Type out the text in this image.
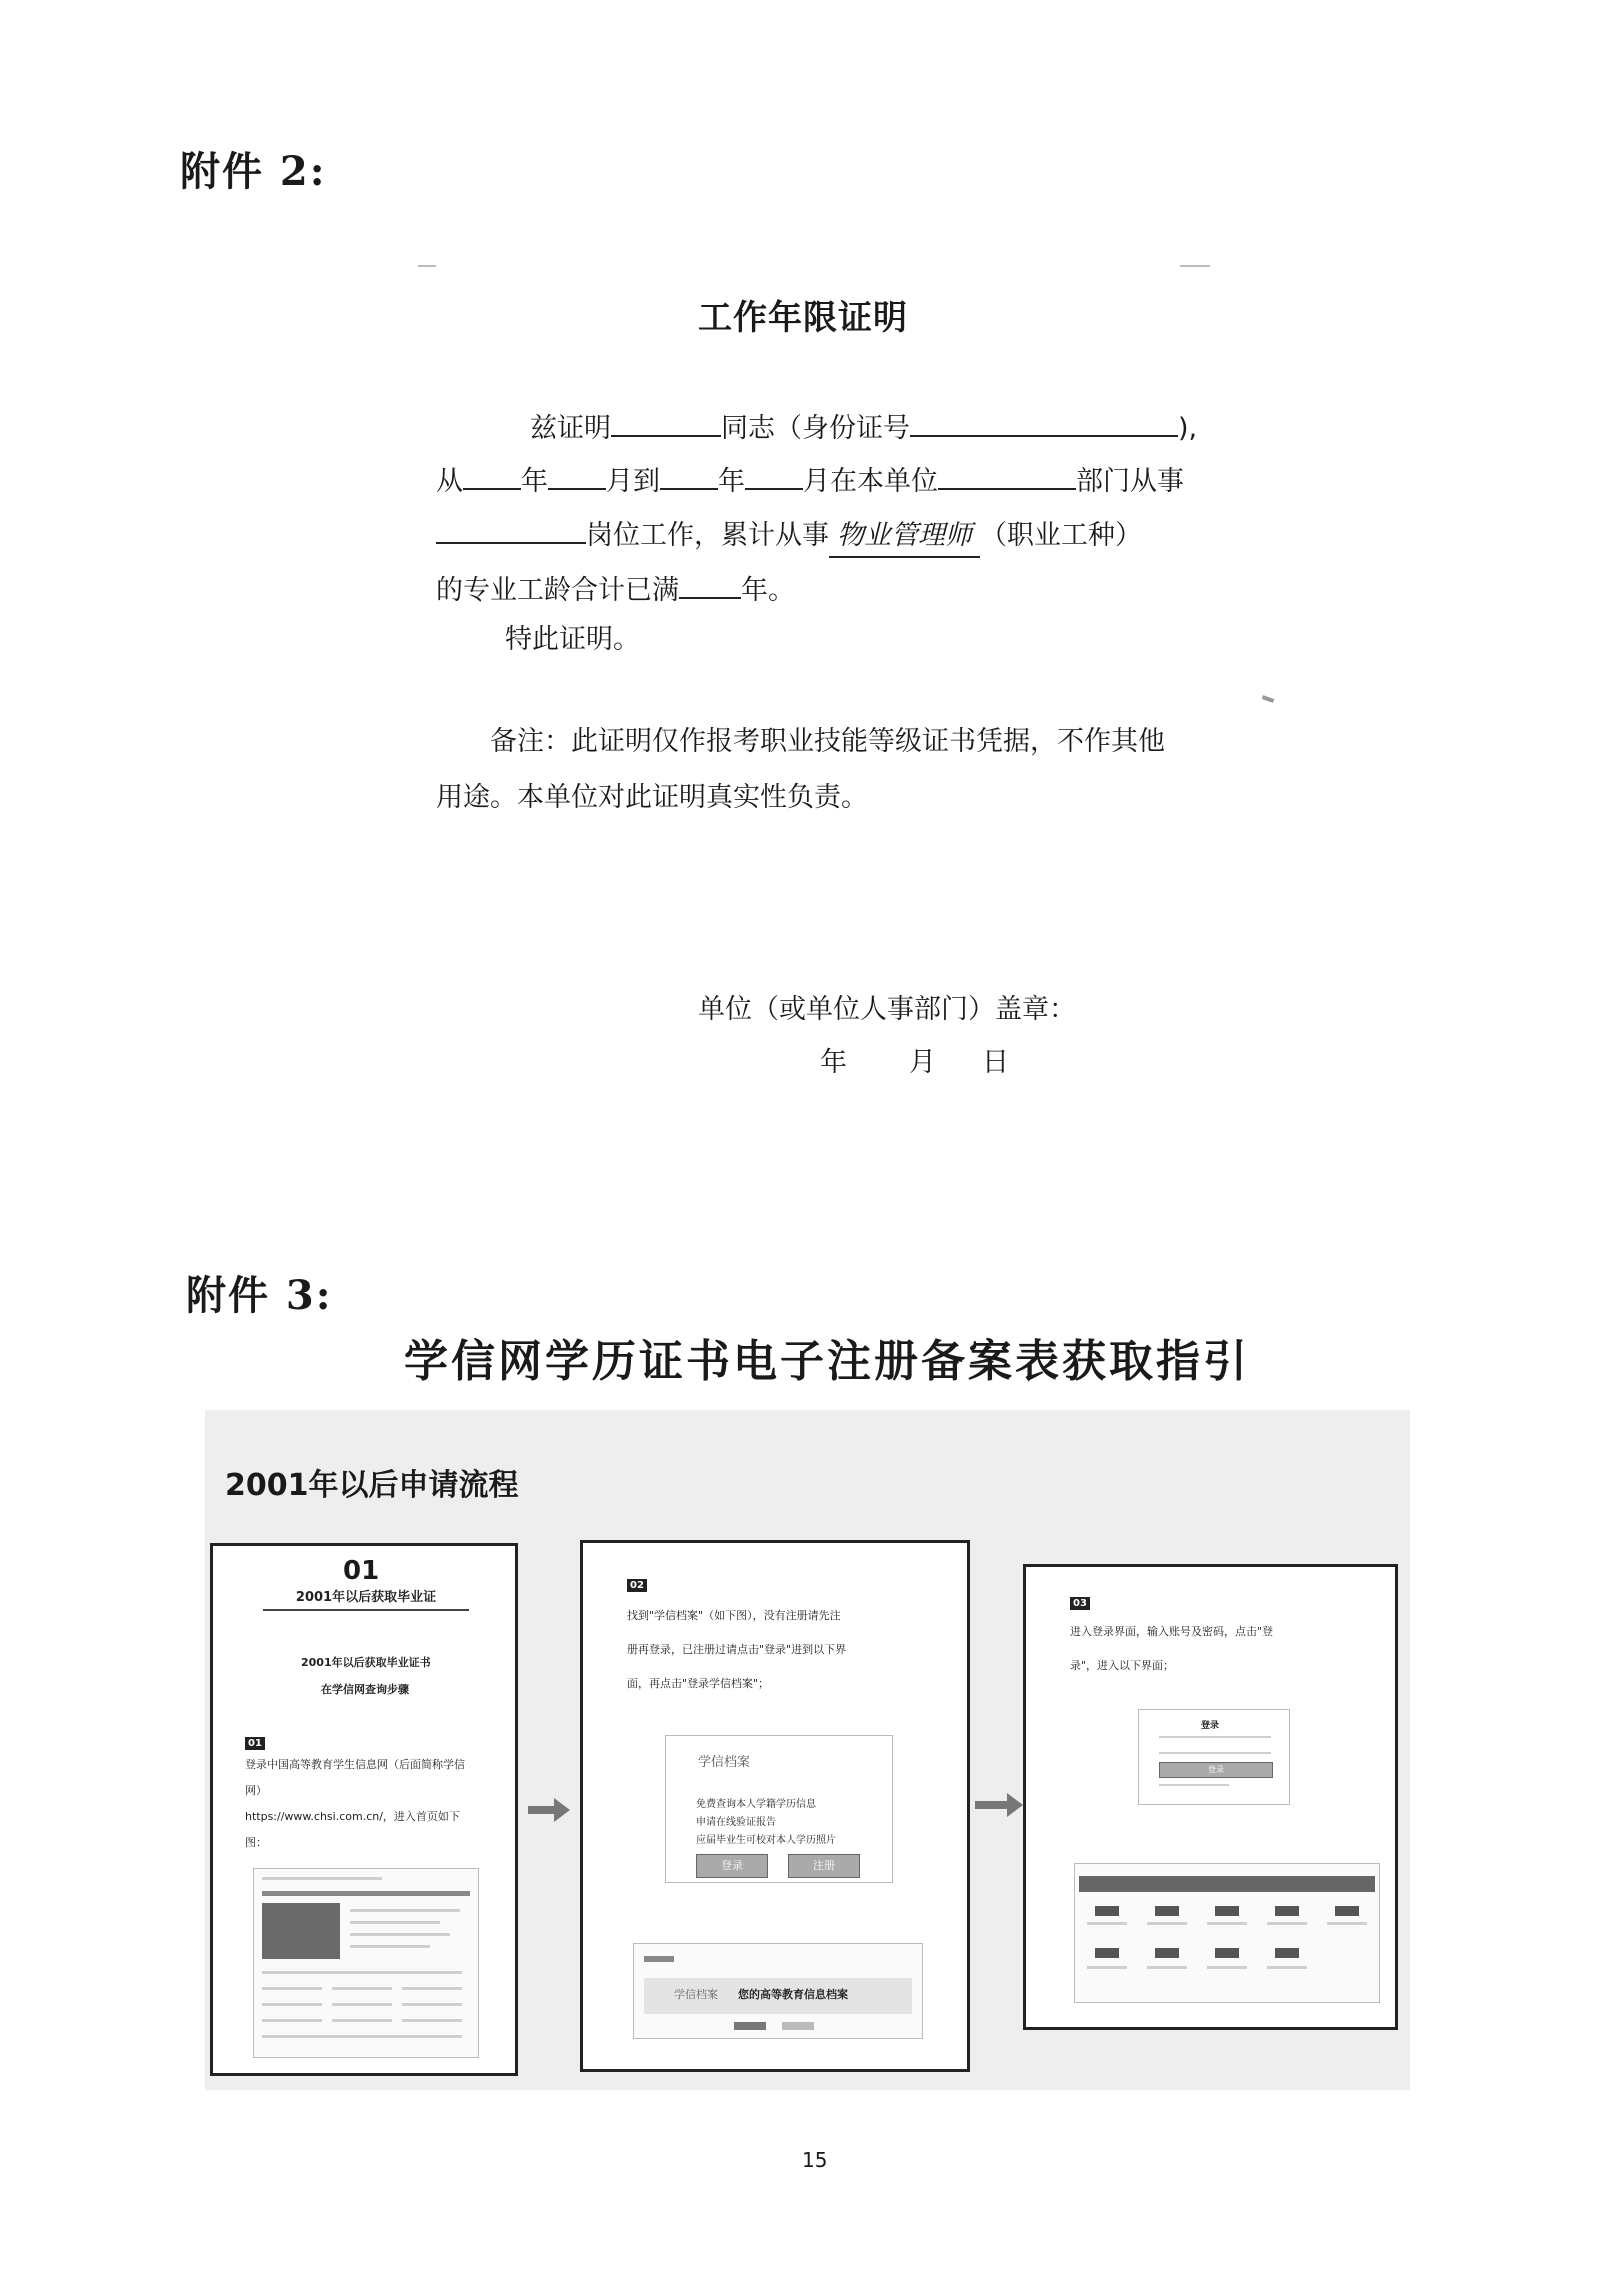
附件 2:
工作年限证明
兹证明	同志（身份证号	),
从 年 月到 年 月在本单位	部门从事
岗位工作，累计从事 物业管理师 （职业工种）
的专业工龄合计已满 年。
特此证明。
备注：此证明仅作报考职业技能等级证书凭据，不作其他
用途。本单位对此证明真实性负责。
单位（或单位人事部门）盖章：
年 月 日
附件 3:
学信网学历证书电子注册备案表获取指引
2001年以后申请流程
01
2001年以后获取毕业证
2001年以后获取毕业证书
在学信网查询步骤
01
登录中国高等教育学生信息网（后面简称学信
网）
https://www.chsi.com.cn/，进入首页如下
图：
02
找到"学信档案"（如下图），没有注册请先注
册再登录，已注册过请点击"登录"进到以下界
面，再点击"登录学信档案"；
学信档案
免费查询本人学籍学历信息
申请在线验证报告
应届毕业生可校对本人学历照片
登录	注册
学信档案 您的高等教育信息档案
03
进入登录界面，输入账号及密码，点击"登
录"，进入以下界面；
登录
登录
15
